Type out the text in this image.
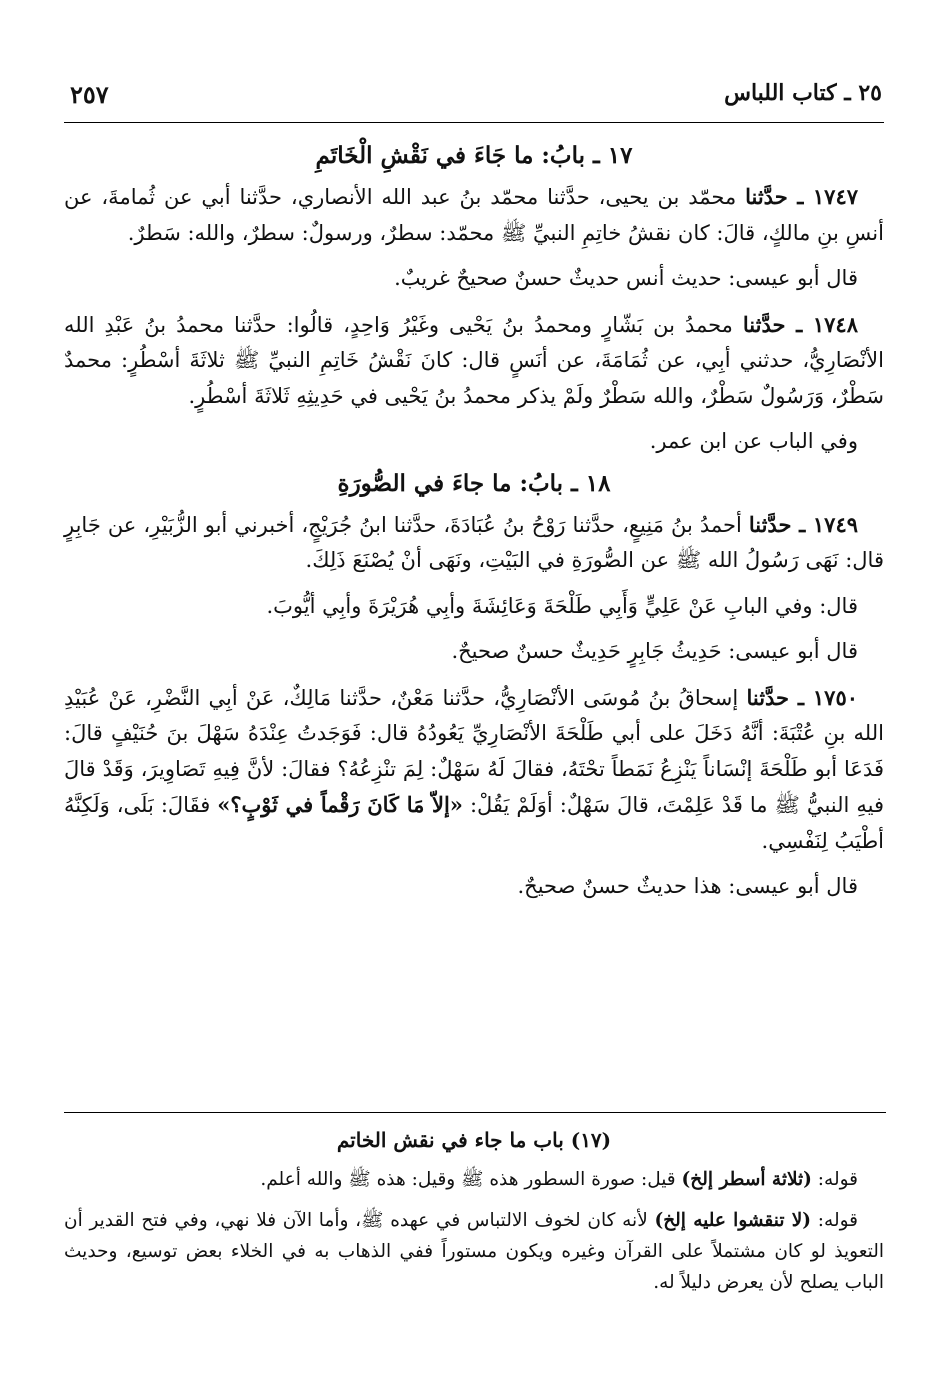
٢٥ ـ كتاب اللباس
٢٥٧
١٧ ـ بابُ: ما جَاءَ في نَقْشِ الْخَاتَمِ

١٧٤٧ ـ حدَّثنا محمّد بن يحيى، حدَّثنا محمّد بنُ عبد الله الأنصاري، حدَّثنا أبي عن ثُمامةَ، عن أنسِ بنِ مالكٍ، قالَ: كان نقشُ خاتِمِ النبيِّ ﷺ محمّد: سطرٌ، ورسولٌ: سطرٌ، والله: سَطرٌ.

قال أبو عيسى: حديث أنس حديثٌ حسنٌ صحيحٌ غريبٌ.

١٧٤٨ ـ حدَّثنا محمدُ بن بَشّارٍ ومحمدُ بنُ يَحْيى وغَيْرُ وَاحِدٍ، قالُوا: حدَّثنا محمدُ بنُ عَبْدِ الله الأنْصَارِيُّ، حدثني أبِي، عن ثُمَامَةَ، عن أنَسٍ قال: كانَ نَقْشُ خَاتِمِ النبيِّ ﷺ ثلاثَةَ أسْطُرٍ: محمدٌ سَطْرٌ، وَرَسُولٌ سَطْرٌ، والله سَطْرٌ ولَمْ يذكر محمدُ بنُ يَحْيى في حَدِيثِهِ ثَلاثَةَ أسْطُرٍ.

وفي الباب عن ابن عمر.

١٨ ـ بابُ: ما جاءَ في الصُّورَةِ

١٧٤٩ ـ حدَّثنا أحمدُ بنُ مَنِيعٍ، حدَّثنا رَوْحُ بنُ عُبَادَةَ، حدَّثنا ابنُ جُرَيْجٍ، أخبرني أبو الزُّبَيْرِ، عن جَابِرٍ قال: نَهَى رَسُولُ الله ﷺ عن الصُّورَةِ في البَيْتِ، ونَهَى أنْ يُصْنَعَ ذَلِكَ.

قال: وفي البابِ عَنْ عَلِيٍّ وَأَبِي طَلْحَةَ وَعَائِشَةَ وأبِي هُرَيْرَةَ وأبِي أيُّوبَ.

قال أبو عيسى: حَدِيثُ جَابِرٍ حَدِيثٌ حسنٌ صحيحٌ.

١٧٥٠ ـ حدَّثنا إسحاقُ بنُ مُوسَى الأنْصَارِيُّ، حدَّثنا مَعْنٌ، حدَّثنا مَالِكٌ، عَنْ أبِي النَّضْرِ، عَنْ عُبَيْدِ الله بنِ عُتْبَةَ: أنَّهُ دَخَلَ على أبي طَلْحَةَ الأنْصَارِيِّ يَعُودُهُ قال: فَوَجَدتُ عِنْدَهُ سَهْلَ بنَ حُنَيْفٍ قالَ: فَدَعَا أبو طَلْحَةَ إنْسَاناً يَنْزِعُ نَمَطاً تحْتَهُ، فقالَ لَهُ سَهْلٌ: لِمَ تنْزِعُهُ؟ فقالَ: لأنَّ فِيهِ تَصَاوِيرَ، وَقَدْ قالَ فيهِ النبيُّ ﷺ ما قَدْ عَلِمْتَ، قالَ سَهْلٌ: أوَلَمْ يَقُلْ: «إلاّ مَا كَانَ رَقْماً في ثَوْبٍ؟» فقَالَ: بَلَى، وَلَكِنَّهُ أطْيَبُ لِنَفْسِي.

قال أبو عيسى: هذا حديثٌ حسنٌ صحيحٌ.

(١٧) باب ما جاء في نقش الخاتم

قوله: (ثلاثة أسطر إلخ) قيل: صورة السطور هذه ﷺ وقيل: هذه ﷺ والله أعلم.

قوله: (لا تنقشوا عليه إلخ) لأنه كان لخوف الالتباس في عهده ﷺ، وأما الآن فلا نهي، وفي فتح القدير أن التعويذ لو كان مشتملاً على القرآن وغيره ويكون مستوراً ففي الذهاب به في الخلاء بعض توسيع، وحديث الباب يصلح لأن يعرض دليلاً له.
